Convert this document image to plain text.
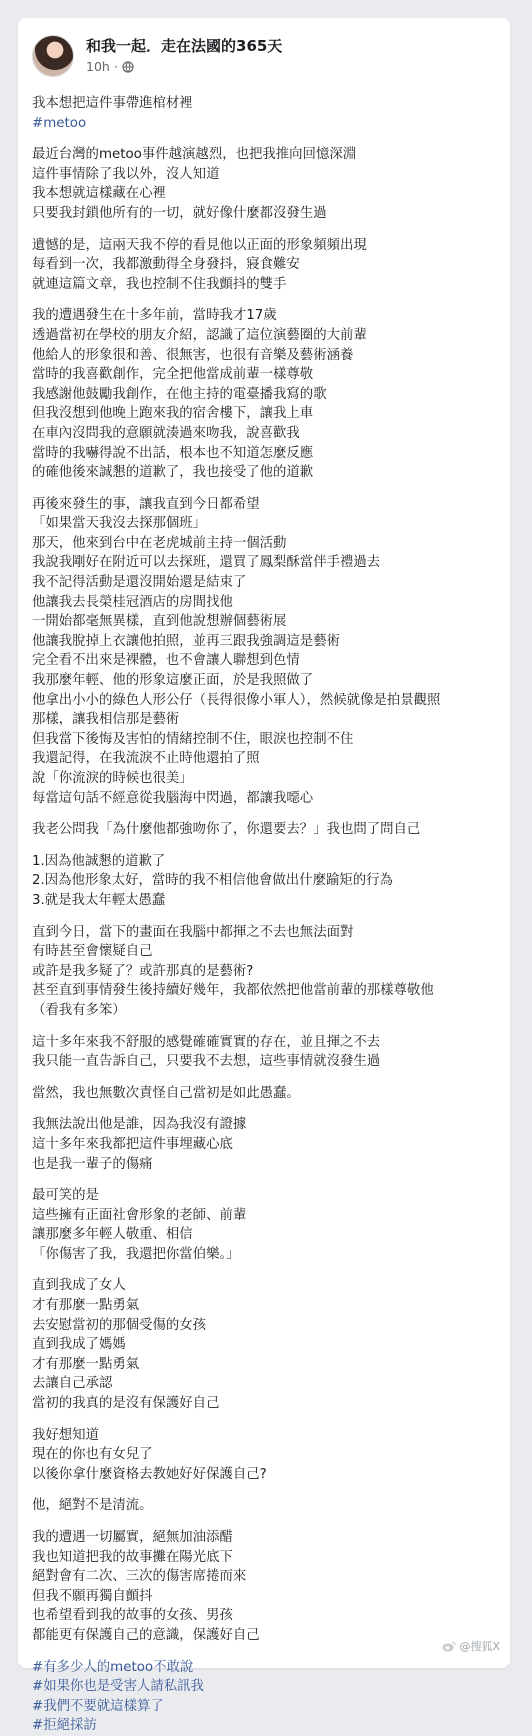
和我一起．走在法國的365天
10h ·
我本想把這件事帶進棺材裡
#metoo
最近台灣的metoo事件越演越烈，也把我推向回憶深淵
這件事情除了我以外，沒人知道
我本想就這樣藏在心裡
只要我封鎖他所有的一切，就好像什麼都沒發生過
遺憾的是，這兩天我不停的看見他以正面的形象頻頻出現
每看到一次，我都激動得全身發抖，寢食難安
就連這篇文章，我也控制不住我顫抖的雙手
我的遭遇發生在十多年前，當時我才17歲
透過當初在學校的朋友介紹，認識了這位演藝圈的大前輩
他給人的形象很和善、很無害，也很有音樂及藝術涵養
當時的我喜歡創作，完全把他當成前輩一樣尊敬
我感謝他鼓勵我創作，在他主持的電臺播我寫的歌
但我沒想到他晚上跑來我的宿舍樓下，讓我上車
在車內沒問我的意願就湊過來吻我，說喜歡我
當時的我嚇得說不出話，根本也不知道怎麼反應
的確他後來誠懇的道歉了，我也接受了他的道歉
再後來發生的事，讓我直到今日都希望
「如果當天我沒去探那個班」
那天，他來到台中在老虎城前主持一個活動
我說我剛好在附近可以去探班，還買了鳳梨酥當伴手禮過去
我不記得活動是還沒開始還是結束了
他讓我去長榮桂冠酒店的房間找他
一開始都毫無異樣，直到他說想辦個藝術展
他讓我脫掉上衣讓他拍照，並再三跟我強調這是藝術
完全看不出來是裸體，也不會讓人聯想到色情
我那麼年輕、他的形象這麼正面，於是我照做了
他拿出小小的綠色人形公仔（長得很像小軍人），然候就像是拍景觀照
那樣，讓我相信那是藝術
但我當下後悔及害怕的情緒控制不住，眼淚也控制不住
我還記得，在我流淚不止時他還拍了照
說「你流淚的時候也很美」
每當這句話不經意從我腦海中閃過，都讓我噁心
我老公問我「為什麼他都強吻你了，你還要去？」我也問了問自己
1.因為他誠懇的道歉了
2.因為他形象太好，當時的我不相信他會做出什麼踰矩的行為
3.就是我太年輕太愚蠢
直到今日，當下的畫面在我腦中都揮之不去也無法面對
有時甚至會懷疑自己
或許是我多疑了？或許那真的是藝術?
甚至直到事情發生後持續好幾年，我都依然把他當前輩的那樣尊敬他
（看我有多笨）
這十多年來我不舒服的感覺確確實實的存在，並且揮之不去
我只能一直告訴自己，只要我不去想，這些事情就沒發生過
當然，我也無數次責怪自己當初是如此愚蠢。
我無法說出他是誰，因為我沒有證據
這十多年來我都把這件事埋藏心底
也是我一輩子的傷痛
最可笑的是
這些擁有正面社會形象的老師、前輩
讓那麼多年輕人敬重、相信
「你傷害了我，我還把你當伯樂。」
直到我成了女人
才有那麼一點勇氣
去安慰當初的那個受傷的女孩
直到我成了媽媽
才有那麼一點勇氣
去讓自己承認
當初的我真的是沒有保護好自己
我好想知道
現在的你也有女兒了
以後你拿什麼資格去教她好好保護自己?
他，絕對不是清流。
我的遭遇一切屬實，絕無加油添醋
我也知道把我的故事攤在陽光底下
絕對會有二次、三次的傷害席捲而來
但我不願再獨自顫抖
也希望看到我的故事的女孩、男孩
都能更有保護自己的意識，保護好自己
#有多少人的metoo不敢說
#如果你也是受害人請私訊我
#我們不要就這樣算了
#拒絕採訪
@搜狐X
